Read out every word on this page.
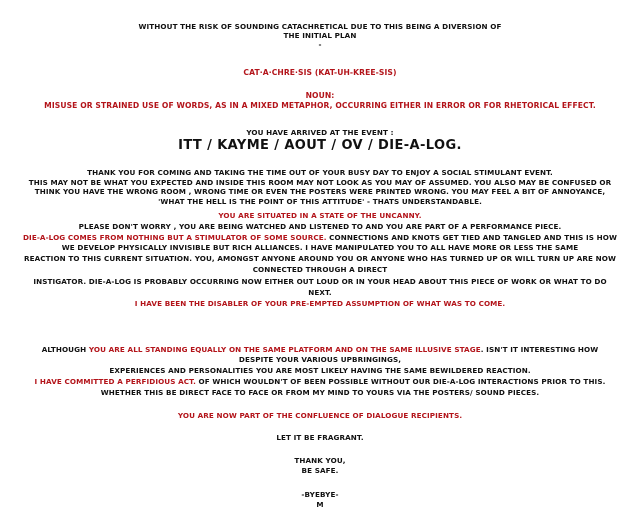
WITHOUT THE RISK OF SOUNDING CATACHRETICAL DUE TO THIS BEING A DIVERSION OF
THE INITIAL PLAN
-
CAT·A·CHRE·SIS (KAT-UH-KREE-SIS)
NOUN:
MISUSE OR STRAINED USE OF WORDS, AS IN A MIXED METAPHOR, OCCURRING EITHER IN ERROR OR FOR RHETORICAL EFFECT.
YOU HAVE ARRIVED AT THE EVENT :
ITT / KAYME / AOUT / OV / DIE-A-LOG.
THANK YOU FOR COMING AND TAKING THE TIME OUT OF YOUR BUSY DAY TO ENJOY A SOCIAL STIMULANT EVENT.
THIS MAY NOT BE WHAT YOU EXPECTED AND INSIDE THIS ROOM MAY NOT LOOK AS YOU MAY OF ASSUMED. YOU ALSO MAY BE CONFUSED OR
THINK YOU HAVE THE WRONG ROOM , WRONG TIME OR EVEN THE POSTERS WERE PRINTED WRONG. YOU MAY FEEL A BIT OF ANNOYANCE,
'WHAT THE HELL IS THE POINT OF THIS ATTITUDE' - THATS UNDERSTANDABLE.
YOU ARE SITUATED IN A STATE OF THE UNCANNY.
PLEASE DON'T WORRY , YOU ARE BEING WATCHED AND LISTENED TO AND YOU ARE PART OF A PERFORMANCE PIECE.
DIE-A-LOG COMES FROM NOTHING BUT A STIMULATOR OF SOME SOURCE. CONNECTIONS AND KNOTS GET TIED AND TANGLED AND THIS IS HOW
WE DEVELOP PHYSICALLY INVISIBLE BUT RICH ALLIANCES. I HAVE MANIPULATED YOU TO ALL HAVE MORE OR LESS THE SAME
REACTION TO THIS CURRENT SITUATION. YOU, AMONGST ANYONE AROUND YOU OR ANYONE WHO HAS TURNED UP OR WILL TURN UP ARE NOW
CONNECTED THROUGH A DIRECT
INSTIGATOR. DIE-A-LOG IS PROBABLY OCCURRING NOW EITHER OUT LOUD OR IN YOUR HEAD ABOUT THIS PIECE OF WORK OR WHAT TO DO
NEXT.
I HAVE BEEN THE DISABLER OF YOUR PRE-EMPTED ASSUMPTION OF WHAT WAS TO COME.
ALTHOUGH YOU ARE ALL STANDING EQUALLY ON THE SAME PLATFORM AND ON THE SAME ILLUSIVE STAGE. ISN'T IT INTERESTING HOW
DESPITE YOUR VARIOUS UPBRINGINGS,
EXPERIENCES AND PERSONALITIES YOU ARE MOST LIKELY HAVING THE SAME BEWILDERED REACTION.
I HAVE COMMITTED A PERFIDIOUS ACT. OF WHICH WOULDN'T OF BEEN POSSIBLE WITHOUT OUR DIE-A-LOG INTERACTIONS PRIOR TO THIS.
WHETHER THIS BE DIRECT FACE TO FACE OR FROM MY MIND TO YOURS VIA THE POSTERS/ SOUND PIECES.
YOU ARE NOW PART OF THE CONFLUENCE OF DIALOGUE RECIPIENTS.
LET IT BE FRAGRANT.
THANK YOU,
BE SAFE.
-BYEBYE-
M
